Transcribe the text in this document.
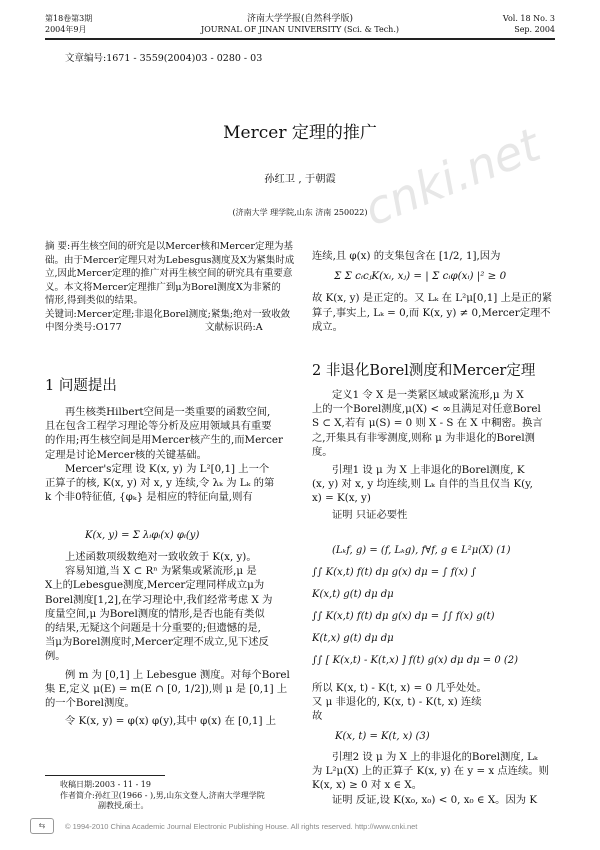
cnki.net
第18卷第3期
2004年9月
济南大学学报(自然科学版)
JOURNAL OF JINAN UNIVERSITY (Sci. & Tech.)
Vol. 18 No. 3
Sep. 2004
文章编号:1671 - 3559(2004)03 - 0280 - 03
Mercer 定理的推广
孙红卫 , 于朝霞
(济南大学 理学院,山东 济南 250022)
摘 要:再生核空间的研究是以Mercer核和Mercer定理为基
础。由于Mercer定理只对为Lebesgus测度及X为紧集时成
立,因此Mercer定理的推广对再生核空间的研究具有重要意
义。本文将Mercer定理推广到μ为Borel测度X为非紧的
情形,得到类似的结果。
关键词:Mercer定理;非退化Borel测度;紧集;绝对一致收敛
中图分类号:O177	文献标识码:A
1 问题提出
再生核类Hilbert空间是一类重要的函数空间,
且在包含工程学习理论等分析及应用领域具有重要
的作用;再生核空间是用Mercer核产生的,而Mercer
定理是讨论Mercer核的关键基础。
Mercer's定理 设 K(x, y) 为 L²[0,1] 上一个
正算子的核, K(x, y) 对 x, y 连续,令 λₖ 为 Lₖ 的第
k 个非0特征值, {φₖ} 是相应的特征向量,则有
K(x, y) = Σ λᵢφᵢ(x) φᵢ(y)
上述函数项级数绝对一致收敛于 K(x, y)。
容易知道,当 X ⊂ Rⁿ 为紧集或紧流形,μ 是
X上的Lebesgue测度,Mercer定理同样成立μ为
Borel测度[1,2],在学习理论中,我们经常考虑 X 为
度量空间,μ 为Borel测度的情形,是否也能有类似
的结果,无疑这个问题是十分重要的;但遗憾的是,
当μ为Borel测度时,Mercer定理不成立,见下述反
例。
例 m 为 [0,1] 上 Lebesgue 测度。对每个Borel
集 E,定义 μ(E) = m(E ∩ [0, 1/2]),则 μ 是 [0,1] 上
的一个Borel测度。
令 K(x, y) = φ(x) φ(y),其中 φ(x) 在 [0,1] 上
收稿日期:2003 - 11 - 19
作者简介:孙红卫(1966 - ),男,山东文登人,济南大学理学院
副教授,硕士。
连续,且 φ(x) 的支集包含在 [1/2, 1],因为
Σ Σ cᵢcⱼK(xᵢ, xⱼ) = | Σ cᵢφ(xᵢ) |² ≥ 0
故 K(x, y) 是正定的。又 Lₖ 在 L²μ[0,1] 上是正的紧
算子,事实上, Lₖ = 0,而 K(x, y) ≠ 0,Mercer定理不
成立。
2 非退化Borel测度和Mercer定理
定义1 令 X 是一类紧区域或紧流形,μ 为 X
上的一个Borel测度,μ(X) < ∞且满足对任意Borel
S ⊂ X,若有 μ(S) = 0 则 X - S 在 X 中稠密。换言
之,开集具有非零测度,则称 μ 为非退化的Borel测
度。
引理1 设 μ 为 X 上非退化的Borel测度, K
(x, y) 对 x, y 均连续,则 Lₖ 自伴的当且仅当 K(y,
x) = K(x, y)
证明 只证必要性
(Lₖf, g) = (f, Lₖg), f∀f, g ∈ L²μ(X) (1)
∫∫ K(x,t) f(t) dμ g(x) dμ = ∫ f(x) ∫
K(x,t) g(t) dμ dμ
∫∫ K(x,t) f(t) dμ g(x) dμ = ∫∫ f(x) g(t)
K(t,x) g(t) dμ dμ
∫∫ [ K(x,t) - K(t,x) ] f(t) g(x) dμ dμ = 0 (2)
所以 K(x, t) - K(t, x) = 0 几乎处处。
又 μ 非退化的, K(x, t) - K(t, x) 连续
故
K(x, t) = K(t, x) (3)
引理2 设 μ 为 X 上的非退化的Borel测度, Lₖ
为 L²μ(X) 上的正算子 K(x, y) 在 y = x 点连续。则
K(x, x) ≥ 0 对 x ∈ X。
证明 反证,设 K(x₀, x₀) < 0, x₀ ∈ X。因为 K
⇆	© 1994-2010 China Academic Journal Electronic Publishing House. All rights reserved. http://www.cnki.net
